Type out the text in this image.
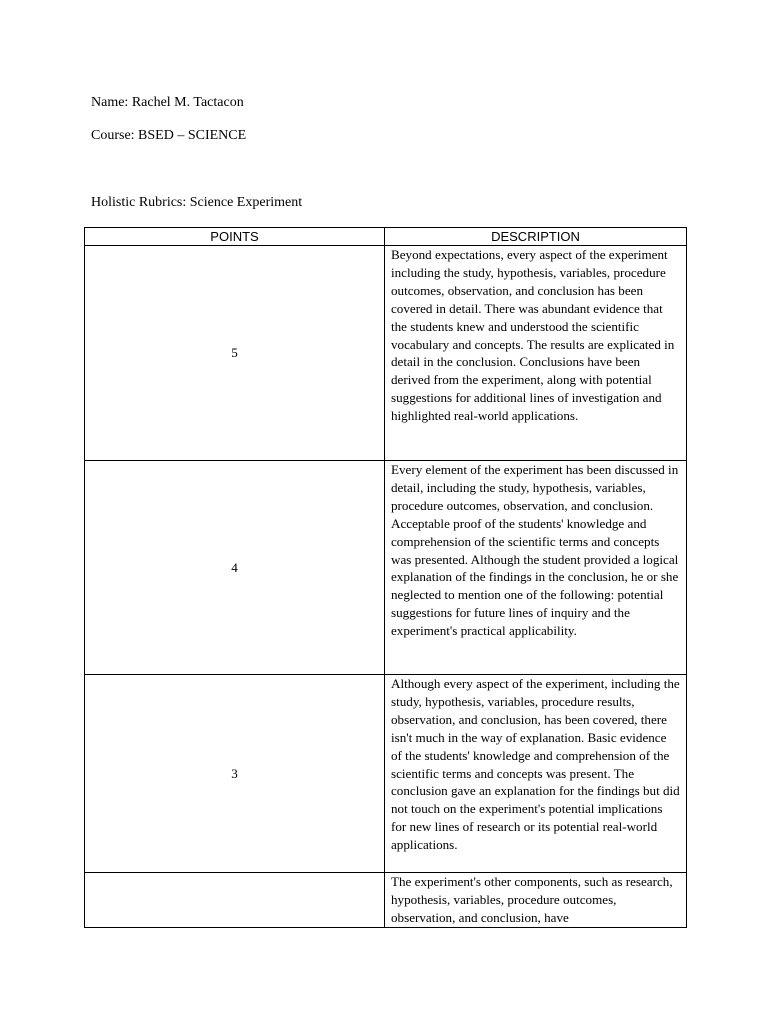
Name: Rachel M. Tactacon
Course: BSED – SCIENCE
Holistic Rubrics: Science Experiment
POINTS	DESCRIPTION
5	Beyond expectations, every aspect of the experiment including the study, hypothesis, variables, procedure outcomes, observation, and conclusion has been covered in detail. There was abundant evidence that the students knew and understood the scientific vocabulary and concepts. The results are explicated in detail in the conclusion. Conclusions have been derived from the experiment, along with potential suggestions for additional lines of investigation and highlighted real-world applications.
4	Every element of the experiment has been discussed in detail, including the study, hypothesis, variables, procedure outcomes, observation, and conclusion. Acceptable proof of the students' knowledge and comprehension of the scientific terms and concepts was presented. Although the student provided a logical explanation of the findings in the conclusion, he or she neglected to mention one of the following: potential suggestions for future lines of inquiry and the experiment's practical applicability.
3	Although every aspect of the experiment, including the study, hypothesis, variables, procedure results, observation, and conclusion, has been covered, there isn't much in the way of explanation. Basic evidence of the students' knowledge and comprehension of the scientific terms and concepts was present. The conclusion gave an explanation for the findings but did not touch on the experiment's potential implications for new lines of research or its potential real-world applications.
	The experiment's other components, such as research, hypothesis, variables, procedure outcomes, observation, and conclusion, have
